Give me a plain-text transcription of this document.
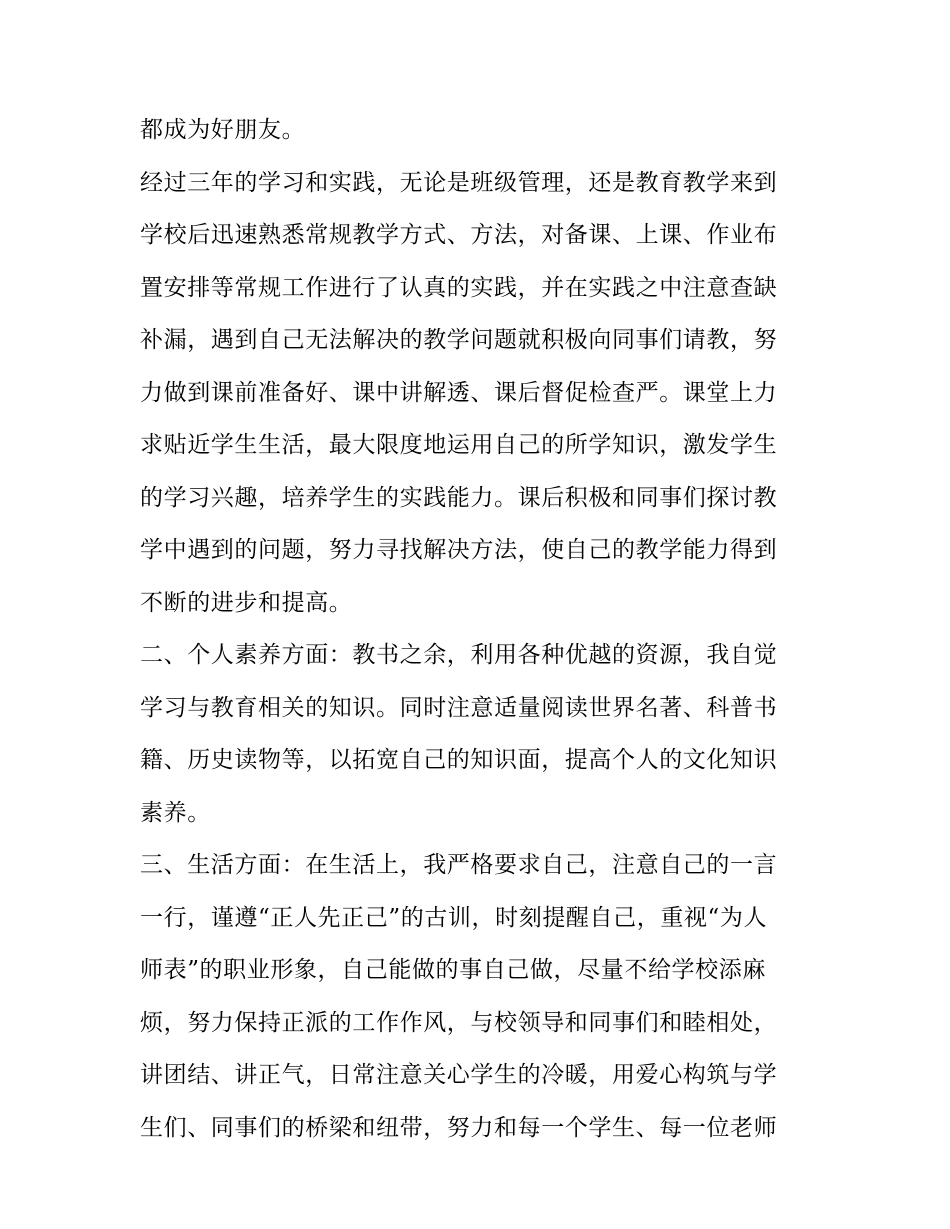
都成为好朋友。
经过三年的学习和实践，无论是班级管理，还是教育教学来到
学校后迅速熟悉常规教学方式、方法，对备课、上课、作业布
置安排等常规工作进行了认真的实践，并在实践之中注意查缺
补漏，遇到自己无法解决的教学问题就积极向同事们请教，努
力做到课前准备好、课中讲解透、课后督促检查严。课堂上力
求贴近学生生活，最大限度地运用自己的所学知识，激发学生
的学习兴趣，培养学生的实践能力。课后积极和同事们探讨教
学中遇到的问题，努力寻找解决方法，使自己的教学能力得到
不断的进步和提高。
二、个人素养方面：教书之余，利用各种优越的资源，我自觉
学习与教育相关的知识。同时注意适量阅读世界名著、科普书
籍、历史读物等，以拓宽自己的知识面，提高个人的文化知识
素养。
三、生活方面：在生活上，我严格要求自己，注意自己的一言
一行，谨遵“正人先正己”的古训，时刻提醒自己，重视“为人
师表”的职业形象，自己能做的事自己做，尽量不给学校添麻
烦，努力保持正派的工作作风，与校领导和同事们和睦相处，
讲团结、讲正气，日常注意关心学生的冷暖，用爱心构筑与学
生们、同事们的桥梁和纽带，努力和每一个学生、每一位老师
